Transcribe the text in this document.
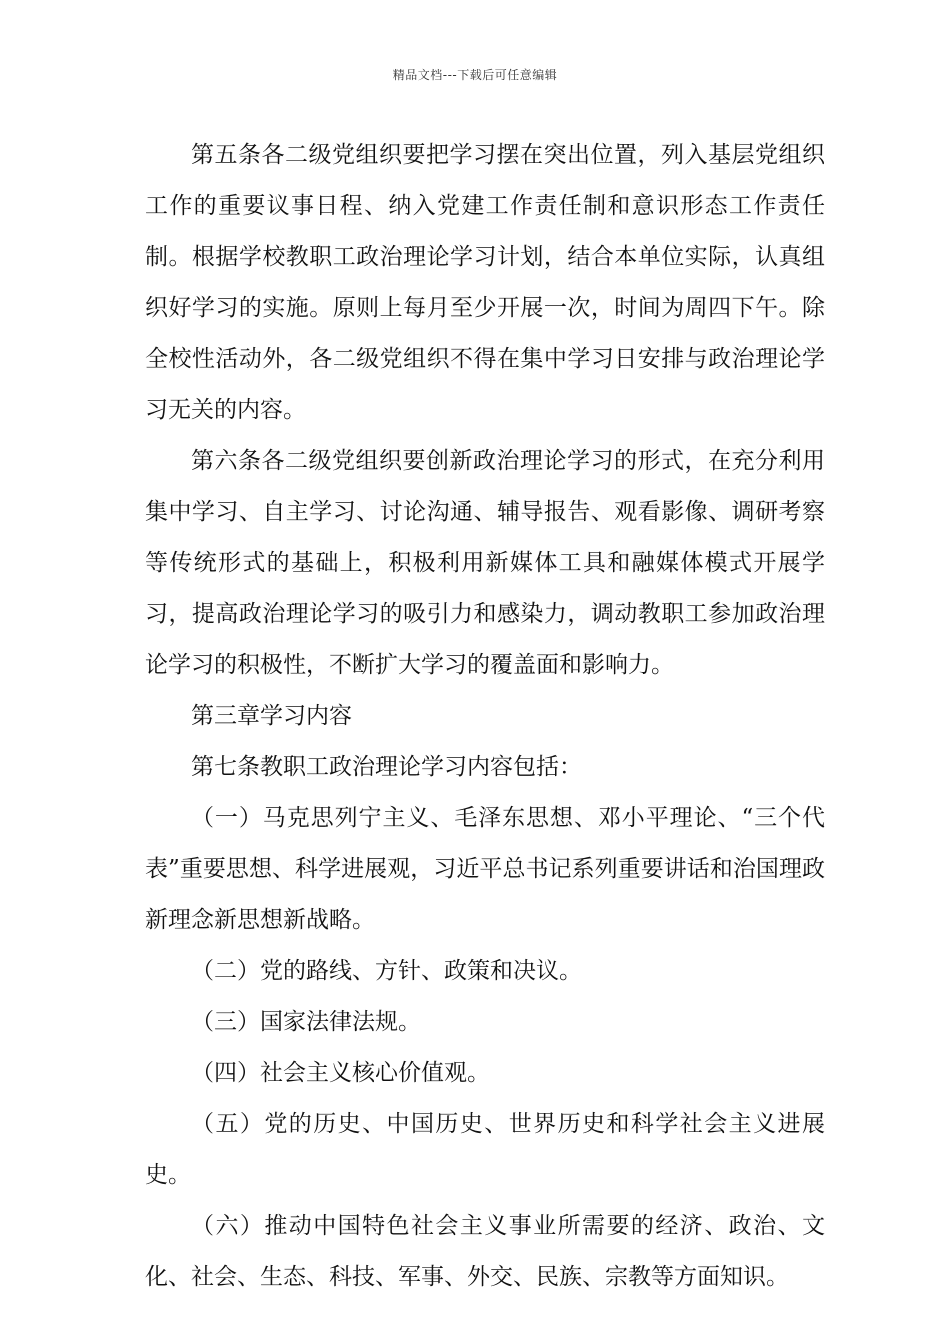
精品文档---下载后可任意编辑

第五条各二级党组织要把学习摆在突出位置，列入基层党组织工作的重要议事日程、纳入党建工作责任制和意识形态工作责任制。根据学校教职工政治理论学习计划，结合本单位实际，认真组织好学习的实施。原则上每月至少开展一次，时间为周四下午。除全校性活动外，各二级党组织不得在集中学习日安排与政治理论学习无关的内容。

第六条各二级党组织要创新政治理论学习的形式，在充分利用集中学习、自主学习、讨论沟通、辅导报告、观看影像、调研考察等传统形式的基础上，积极利用新媒体工具和融媒体模式开展学习，提高政治理论学习的吸引力和感染力，调动教职工参加政治理论学习的积极性，不断扩大学习的覆盖面和影响力。

第三章学习内容

第七条教职工政治理论学习内容包括：

（一）马克思列宁主义、毛泽东思想、邓小平理论、“三个代表”重要思想、科学进展观，习近平总书记系列重要讲话和治国理政新理念新思想新战略。

（二）党的路线、方针、政策和决议。

（三）国家法律法规。

（四）社会主义核心价值观。

（五）党的历史、中国历史、世界历史和科学社会主义进展史。

（六）推动中国特色社会主义事业所需要的经济、政治、文化、社会、生态、科技、军事、外交、民族、宗教等方面知识。
